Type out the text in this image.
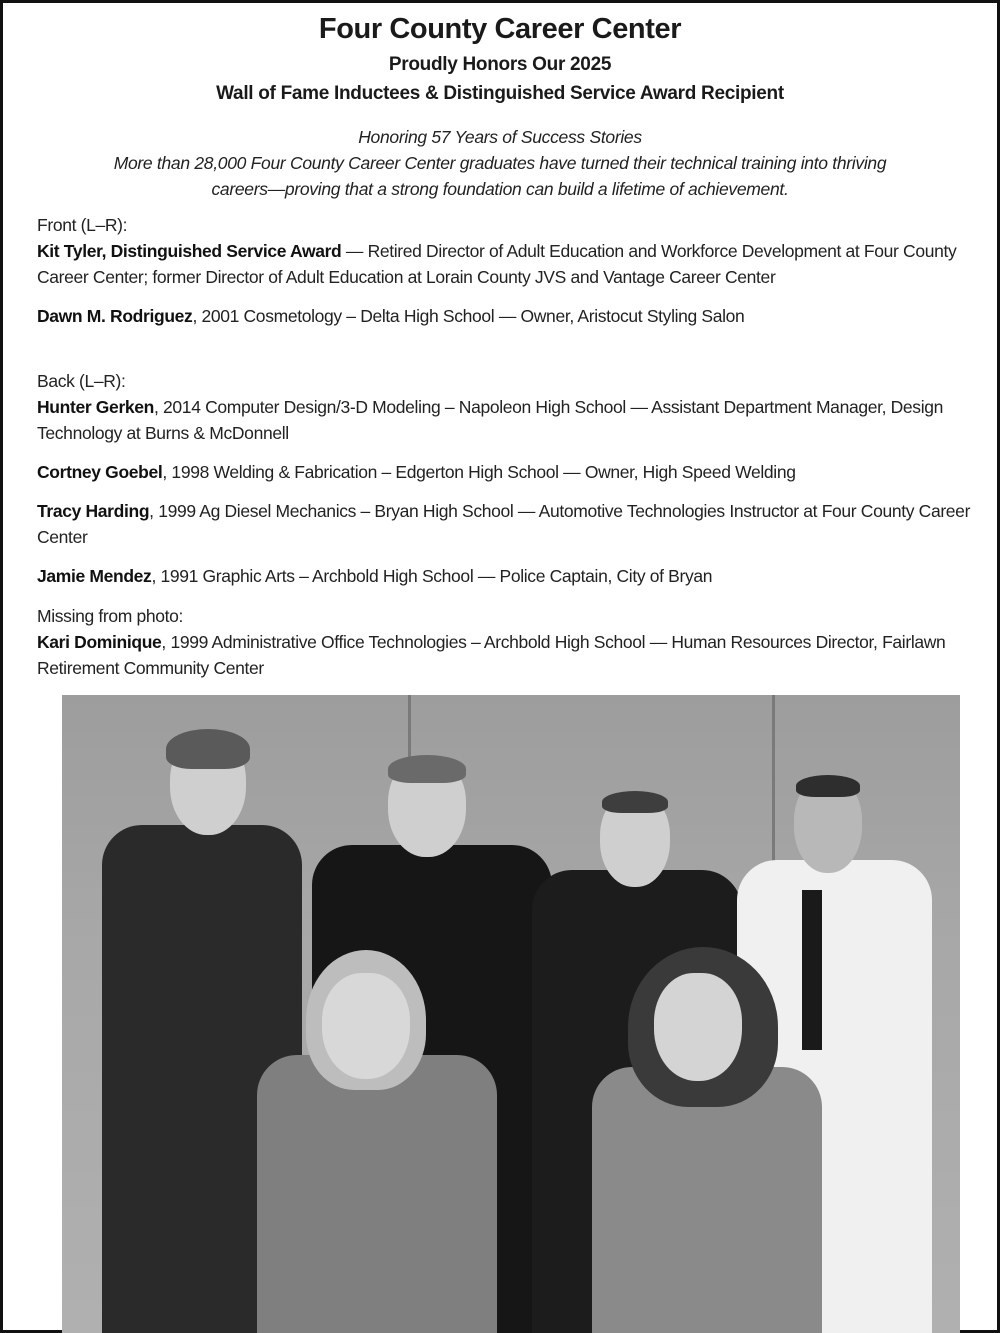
Four County Career Center
Proudly Honors Our 2025
Wall of Fame Inductees & Distinguished Service Award Recipient
Honoring 57 Years of Success Stories
More than 28,000 Four County Career Center graduates have turned their technical training into thriving
careers—proving that a strong foundation can build a lifetime of achievement.
Front (L–R):
Kit Tyler, Distinguished Service Award — Retired Director of Adult Education and Workforce Development at Four County Career Center; former Director of Adult Education at Lorain County JVS and Vantage Career Center
Dawn M. Rodriguez, 2001 Cosmetology – Delta High School — Owner, Aristocut Styling Salon
Back (L–R):
Hunter Gerken, 2014 Computer Design/3-D Modeling – Napoleon High School — Assistant Department Manager, Design Technology at Burns & McDonnell
Cortney Goebel, 1998 Welding & Fabrication – Edgerton High School — Owner, High Speed Welding
Tracy Harding, 1999 Ag Diesel Mechanics – Bryan High School — Automotive Technologies Instructor at Four County Career Center
Jamie Mendez, 1991 Graphic Arts – Archbold High School — Police Captain, City of Bryan
Missing from photo:
Kari Dominique, 1999 Administrative Office Technologies – Archbold High School — Human Resources Director, Fairlawn Retirement Community Center
